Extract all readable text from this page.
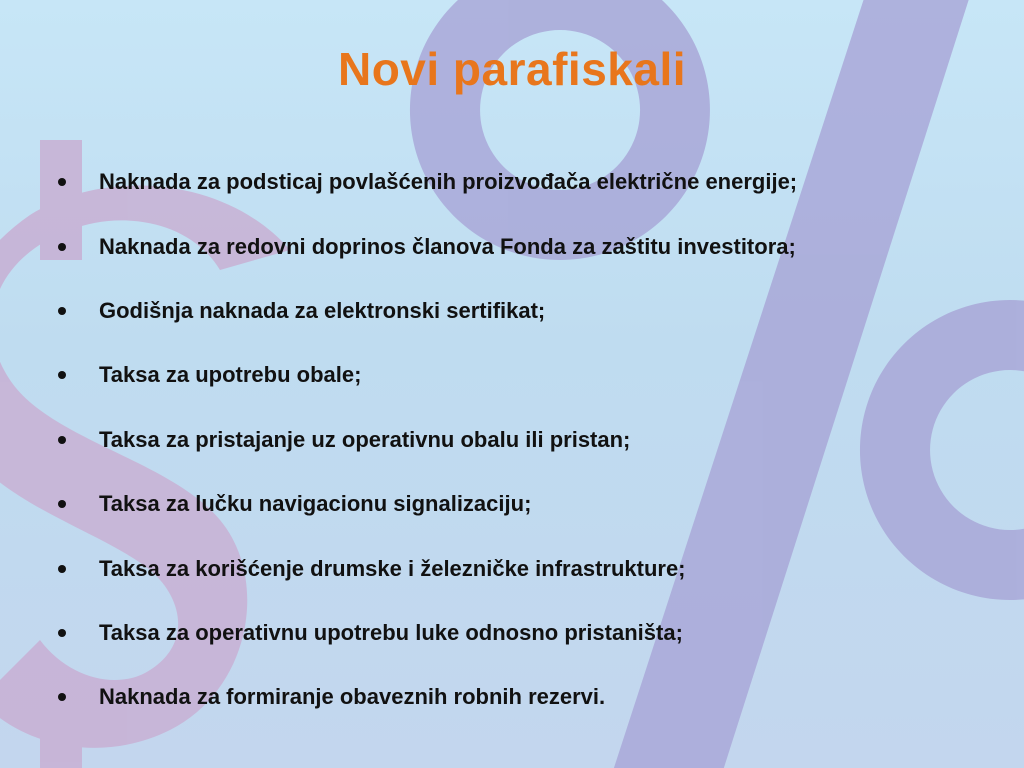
Novi parafiskali
Naknada za podsticaj povlašćenih proizvođača električne energije;
Naknada za redovni doprinos članova Fonda za zaštitu investitora;
Godišnja naknada za elektronski sertifikat;
Taksa za upotrebu obale;
Taksa za pristajanje uz operativnu obalu ili pristan;
Taksa za lučku navigacionu signalizaciju;
Taksa za korišćenje drumske i železničke infrastrukture;
Taksa za operativnu upotrebu luke odnosno pristaništa;
Naknada za formiranje obaveznih robnih rezervi.
